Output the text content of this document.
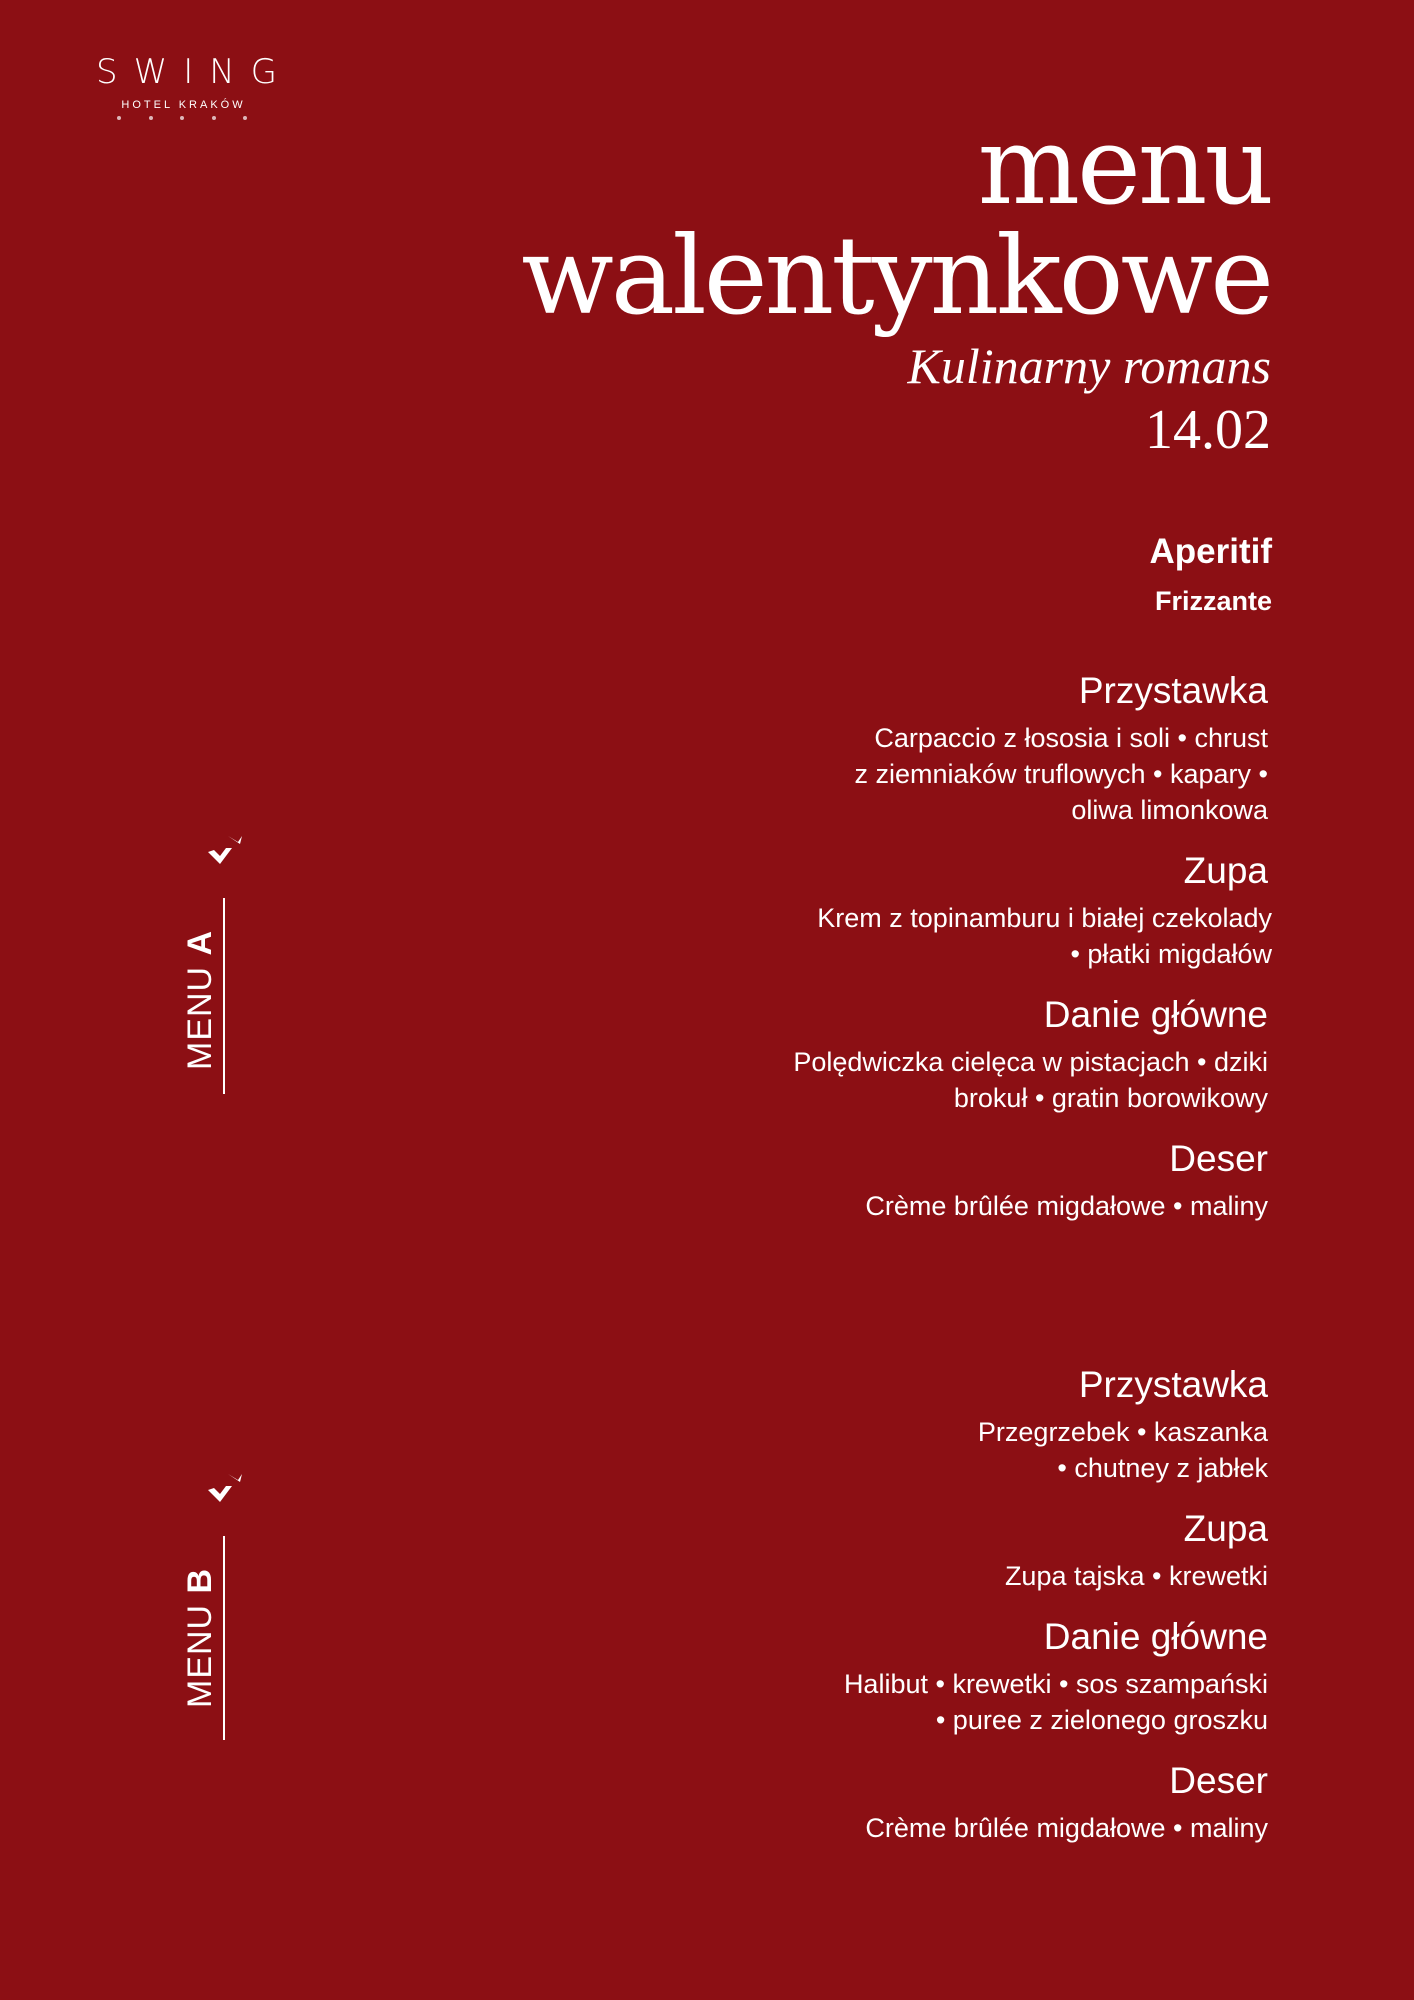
SWING
HOTEL KRAKÓW	menu
walentynkowe
Kulinarny romans
14.02
Aperitif
Frizzante
MENU A
Przystawka
Carpaccio z łososia i soli • chrust
z ziemniaków truflowych • kapary •
oliwa limonkowa
Zupa
Krem z topinamburu i białej czekolady
• płatki migdałów
Danie główne
Polędwiczka cielęca w pistacjach • dziki
brokuł • gratin borowikowy
Deser
Crème brûlée migdałowe • maliny
MENU B
Przystawka
Przegrzebek • kaszanka
• chutney z jabłek
Zupa
Zupa tajska • krewetki
Danie główne
Halibut • krewetki • sos szampański
• puree z zielonego groszku
Deser
Crème brûlée migdałowe • maliny
